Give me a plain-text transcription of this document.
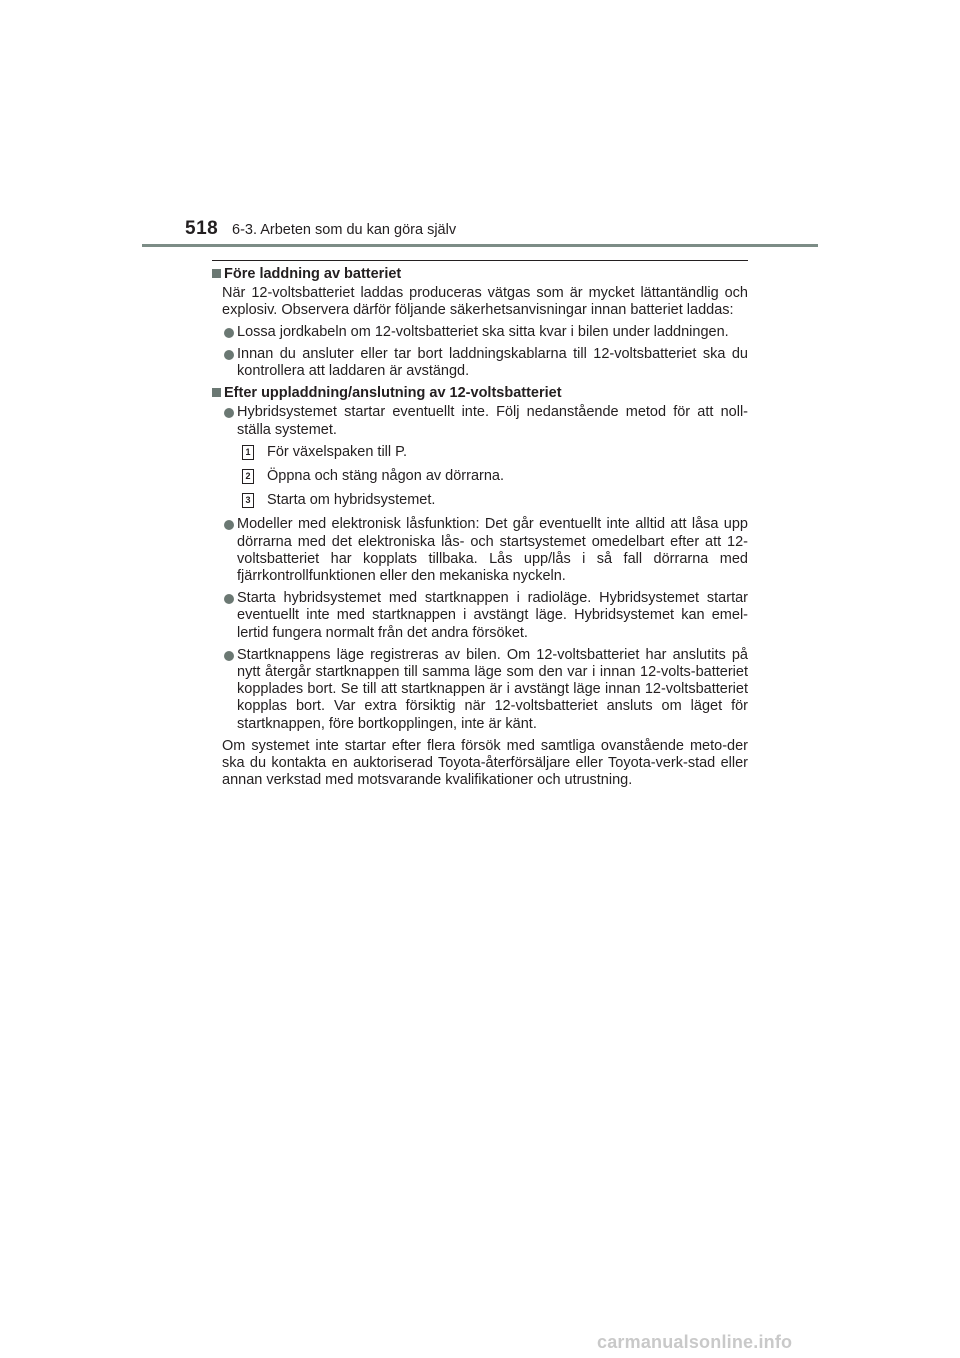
518 6-3. Arbeten som du kan göra själv
Före laddning av batteriet
När 12-voltsbatteriet laddas produceras vätgas som är mycket lättantändlig och explosiv. Observera därför följande säkerhetsanvisningar innan batteriet laddas:
Lossa jordkabeln om 12-voltsbatteriet ska sitta kvar i bilen under laddningen.
Innan du ansluter eller tar bort laddningskablarna till 12-voltsbatteriet ska du kontrollera att laddaren är avstängd.
Efter uppladdning/anslutning av 12-voltsbatteriet
Hybridsystemet startar eventuellt inte. Följ nedanstående metod för att noll-ställa systemet.
1 För växelspaken till P.
2 Öppna och stäng någon av dörrarna.
3 Starta om hybridsystemet.
Modeller med elektronisk låsfunktion: Det går eventuellt inte alltid att låsa upp dörrarna med det elektroniska lås- och startsystemet omedelbart efter att 12-voltsbatteriet har kopplats tillbaka. Lås upp/lås i så fall dörrarna med fjärrkontrollfunktionen eller den mekaniska nyckeln.
Starta hybridsystemet med startknappen i radioläge. Hybridsystemet startar eventuellt inte med startknappen i avstängt läge. Hybridsystemet kan emel-lertid fungera normalt från det andra försöket.
Startknappens läge registreras av bilen. Om 12-voltsbatteriet har anslutits på nytt återgår startknappen till samma läge som den var i innan 12-volts-batteriet kopplades bort. Se till att startknappen är i avstängt läge innan 12-voltsbatteriet kopplas bort. Var extra försiktig när 12-voltsbatteriet ansluts om läget för startknappen, före bortkopplingen, inte är känt.
Om systemet inte startar efter flera försök med samtliga ovanstående meto-der ska du kontakta en auktoriserad Toyota-återförsäljare eller Toyota-verk-stad eller annan verkstad med motsvarande kvalifikationer och utrustning.
carmanualsonline.info
